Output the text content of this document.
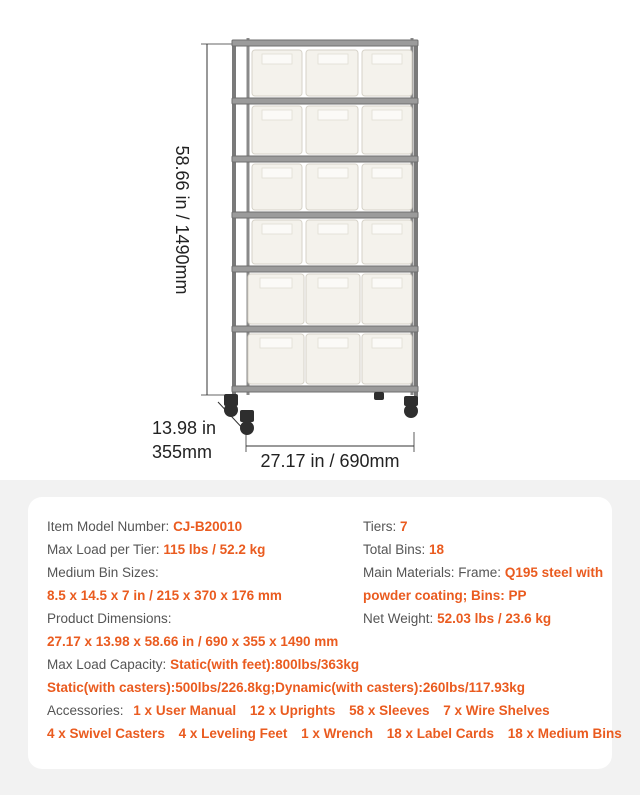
58.66 in / 1490mm
13.98 in
355mm	27.17 in / 690mm
Item Model Number: CJ-B20010
Max Load per Tier: 115 lbs / 52.2 kg
Medium Bin Sizes:
8.5 x 14.5 x 7 in / 215 x 370 x 176 mm
Product Dimensions:
27.17 x 13.98 x 58.66 in / 690 x 355 x 1490 mm
Tiers: 7
Total Bins: 18
Main Materials: Frame: Q195 steel with
powder coating; Bins: PP
Net Weight: 52.03 lbs / 23.6 kg
Max Load Capacity: Static(with feet):800lbs/363kg
Static(with casters):500lbs/226.8kg;Dynamic(with casters):260lbs/117.93kg
Accessories: 1 x User Manual 12 x Uprights 58 x Sleeves 7 x Wire Shelves
4 x Swivel Casters 4 x Leveling Feet 1 x Wrench 18 x Label Cards 18 x Medium Bins
